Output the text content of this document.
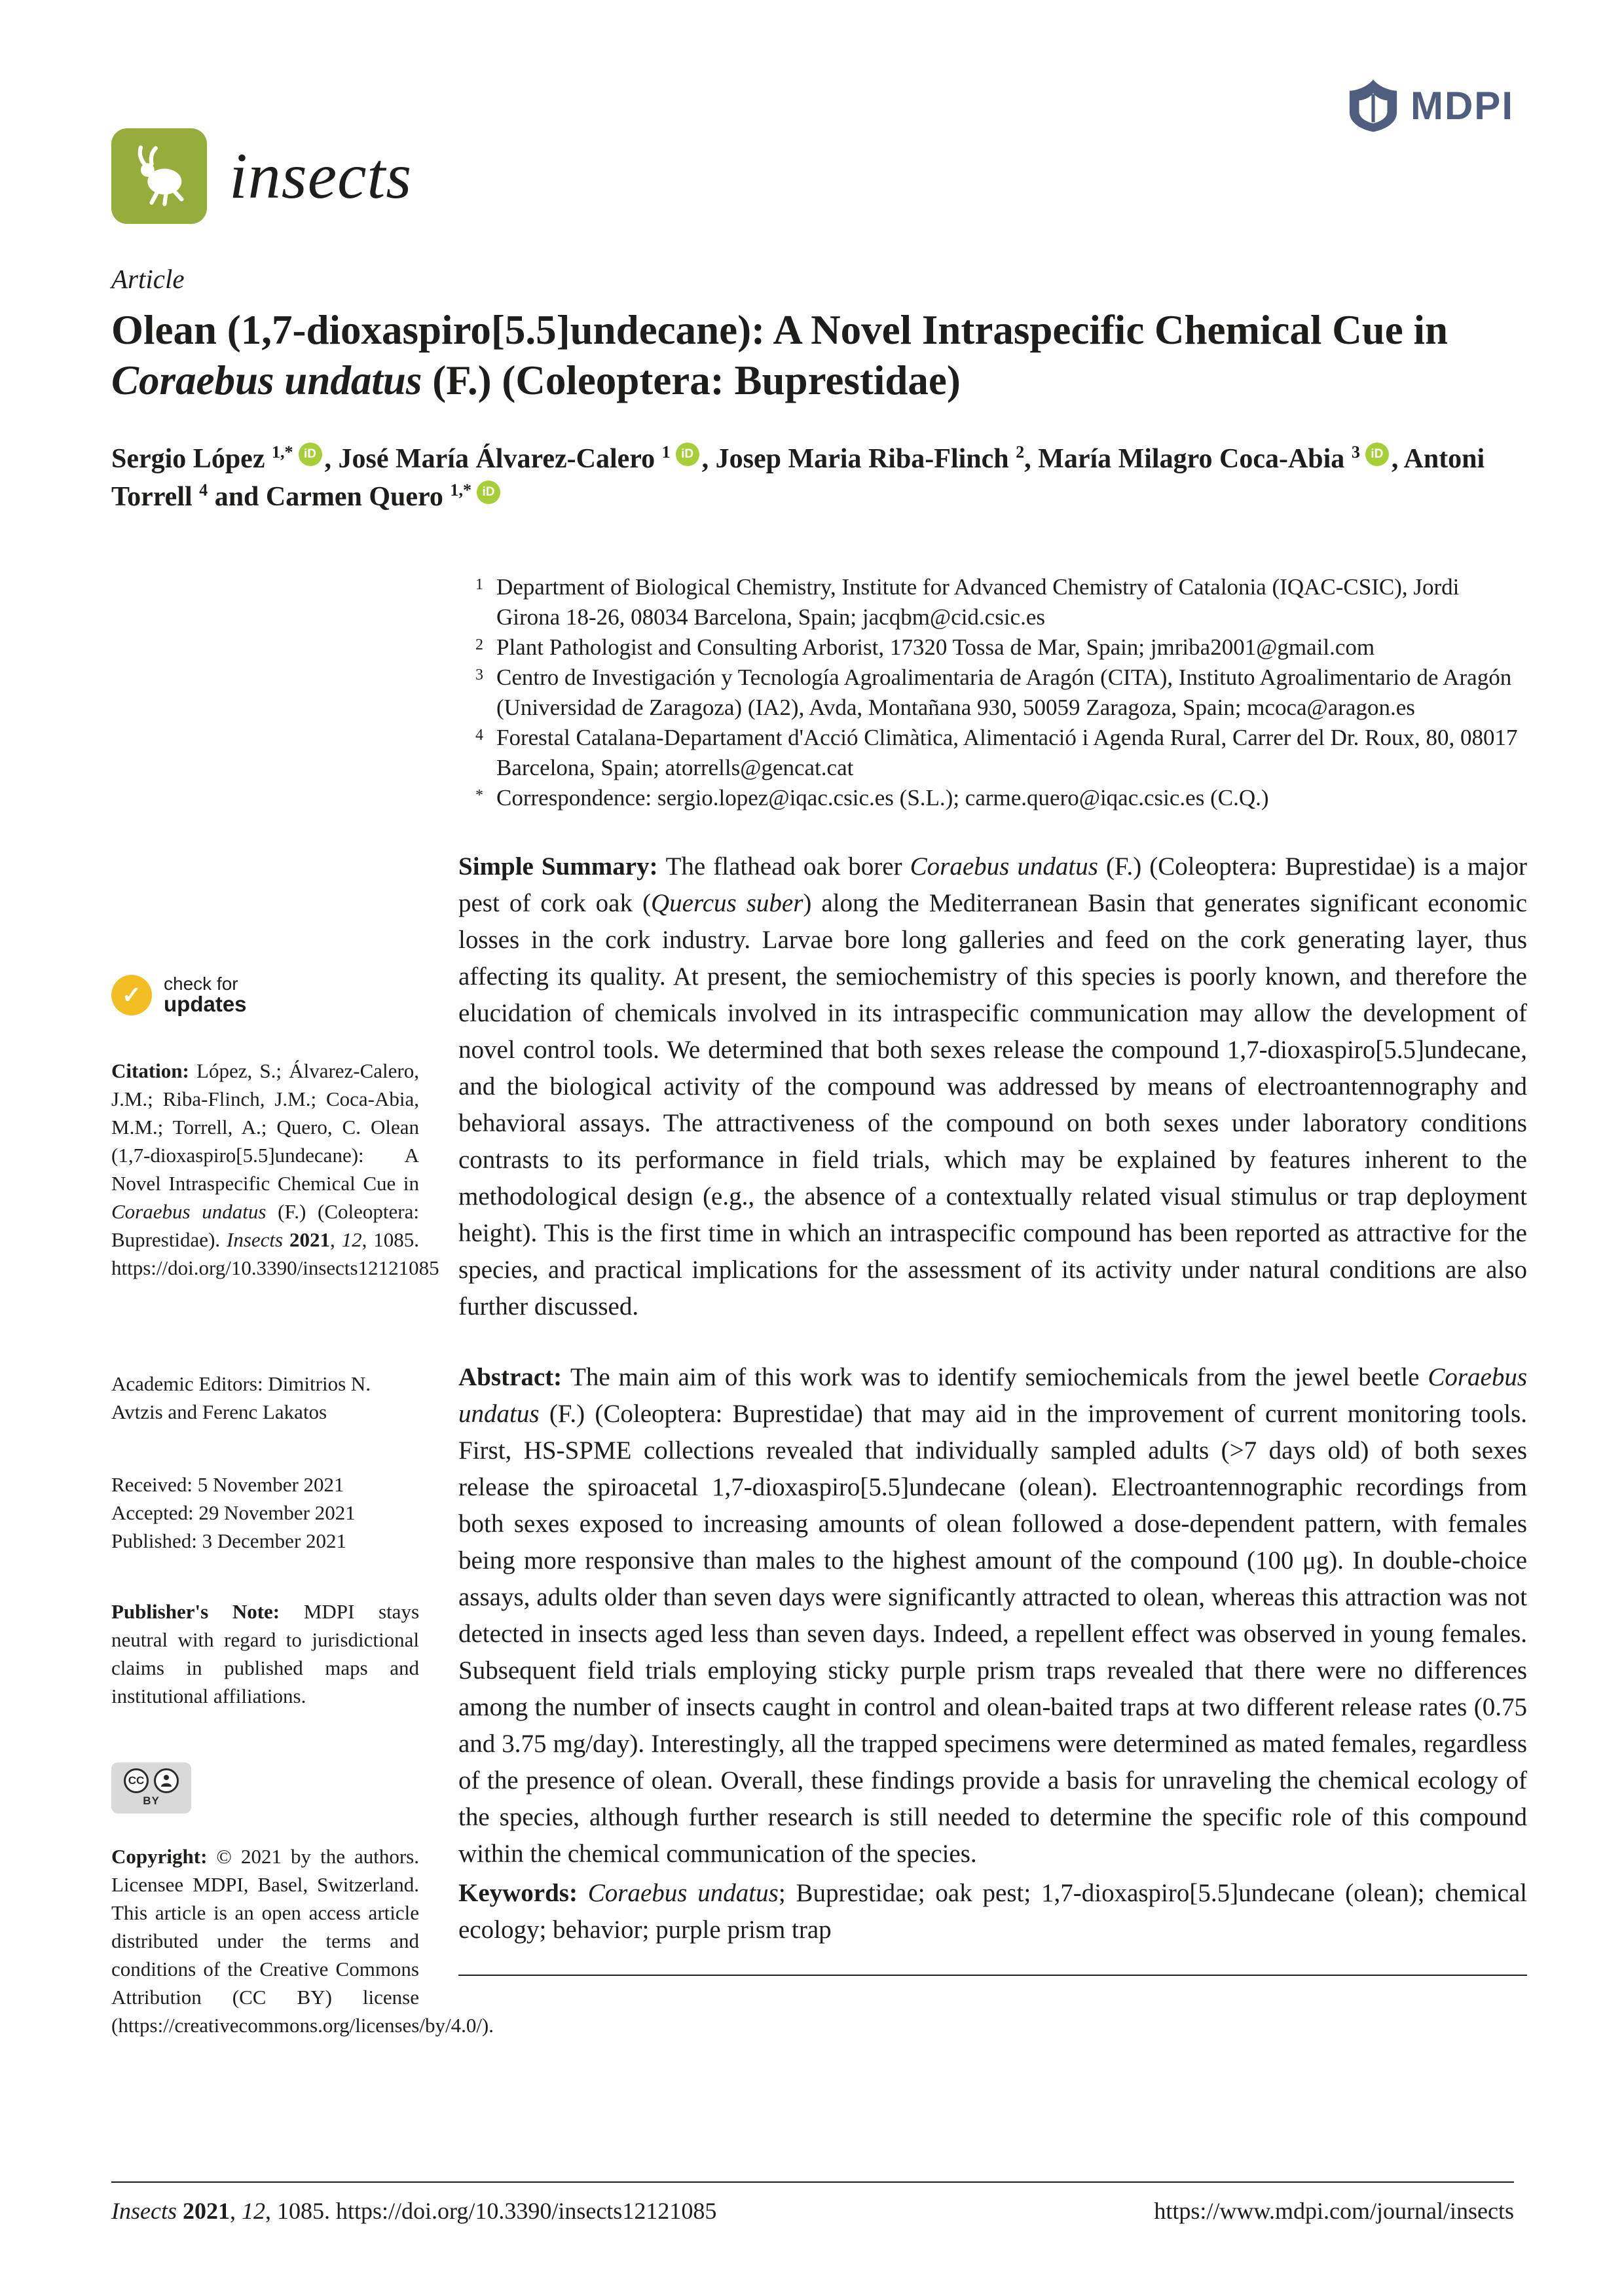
insects
MDPI
Article
Olean (1,7-dioxaspiro[5.5]undecane): A Novel Intraspecific Chemical Cue in Coraebus undatus (F.) (Coleoptera: Buprestidae)
Sergio López $^{1,*}$ iD , José María Álvarez-Calero $^1$ iD , Josep Maria Riba-Flinch $^2$, María Milagro Coca-Abia $^3$ iD , Antoni Torrell $^4$ and Carmen Quero $^{1,*}$ iD
1 Department of Biological Chemistry, Institute for Advanced Chemistry of Catalonia (IQAC-CSIC), Jordi Girona 18-26, 08034 Barcelona, Spain; jacqbm@cid.csic.es
2 Plant Pathologist and Consulting Arborist, 17320 Tossa de Mar, Spain; jmriba2001@gmail.com
3 Centro de Investigación y Tecnología Agroalimentaria de Aragón (CITA), Instituto Agroalimentario de Aragón (Universidad de Zaragoza) (IA2), Avda, Montañana 930, 50059 Zaragoza, Spain; mcoca@aragon.es
4 Forestal Catalana-Departament d'Acció Climàtica, Alimentació i Agenda Rural, Carrer del Dr. Roux, 80, 08017 Barcelona, Spain; atorrells@gencat.cat
* Correspondence: sergio.lopez@iqac.csic.es (S.L.); carme.quero@iqac.csic.es (C.Q.)
✓	check for
updates
Citation: López, S.; Álvarez-Calero, J.M.; Riba-Flinch, J.M.; Coca-Abia, M.M.; Torrell, A.; Quero, C. Olean (1,7-dioxaspiro[5.5]undecane): A Novel Intraspecific Chemical Cue in Coraebus undatus (F.) (Coleoptera: Buprestidae). Insects 2021, 12, 1085. https://doi.org/10.3390/insects12121085
Academic Editors: Dimitrios N. Avtzis and Ferenc Lakatos
Received: 5 November 2021
Accepted: 29 November 2021
Published: 3 December 2021
Publisher's Note: MDPI stays neutral with regard to jurisdictional claims in published maps and institutional affiliations.
CC
BY
Copyright: © 2021 by the authors. Licensee MDPI, Basel, Switzerland. This article is an open access article distributed under the terms and conditions of the Creative Commons Attribution (CC BY) license (https://creativecommons.org/licenses/by/4.0/).

Simple Summary: The flathead oak borer Coraebus undatus (F.) (Coleoptera: Buprestidae) is a major pest of cork oak (Quercus suber) along the Mediterranean Basin that generates significant economic losses in the cork industry. Larvae bore long galleries and feed on the cork generating layer, thus affecting its quality. At present, the semiochemistry of this species is poorly known, and therefore the elucidation of chemicals involved in its intraspecific communication may allow the development of novel control tools. We determined that both sexes release the compound 1,7-dioxaspiro[5.5]undecane, and the biological activity of the compound was addressed by means of electroantennography and behavioral assays. The attractiveness of the compound on both sexes under laboratory conditions contrasts to its performance in field trials, which may be explained by features inherent to the methodological design (e.g., the absence of a contextually related visual stimulus or trap deployment height). This is the first time in which an intraspecific compound has been reported as attractive for the species, and practical implications for the assessment of its activity under natural conditions are also further discussed.

Abstract: The main aim of this work was to identify semiochemicals from the jewel beetle Coraebus undatus (F.) (Coleoptera: Buprestidae) that may aid in the improvement of current monitoring tools. First, HS-SPME collections revealed that individually sampled adults (>7 days old) of both sexes release the spiroacetal 1,7-dioxaspiro[5.5]undecane (olean). Electroantennographic recordings from both sexes exposed to increasing amounts of olean followed a dose-dependent pattern, with females being more responsive than males to the highest amount of the compound (100 μg). In double-choice assays, adults older than seven days were significantly attracted to olean, whereas this attraction was not detected in insects aged less than seven days. Indeed, a repellent effect was observed in young females. Subsequent field trials employing sticky purple prism traps revealed that there were no differences among the number of insects caught in control and olean-baited traps at two different release rates (0.75 and 3.75 mg/day). Interestingly, all the trapped specimens were determined as mated females, regardless of the presence of olean. Overall, these findings provide a basis for unraveling the chemical ecology of the species, although further research is still needed to determine the specific role of this compound within the chemical communication of the species.

Keywords: Coraebus undatus; Buprestidae; oak pest; 1,7-dioxaspiro[5.5]undecane (olean); chemical ecology; behavior; purple prism trap

Insects 2021, 12, 1085. https://doi.org/10.3390/insects12121085	https://www.mdpi.com/journal/insects
